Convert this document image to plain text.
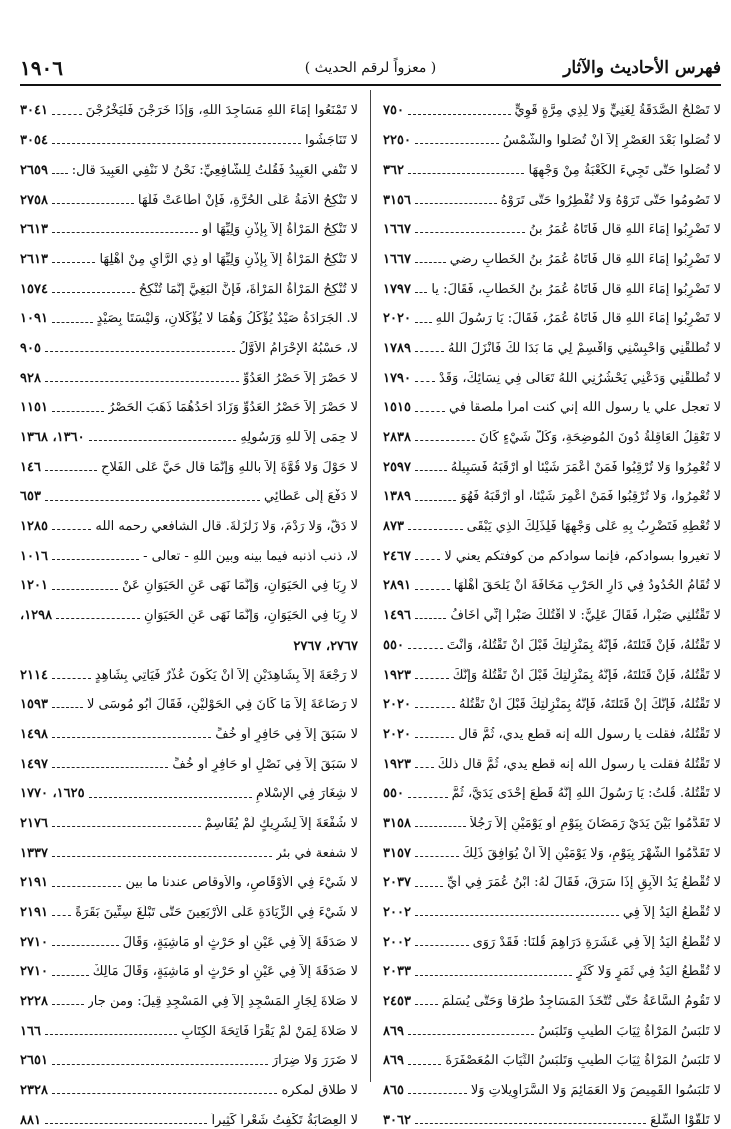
فهرس الأحاديث والآثار
( معزواً لرقم الحديث )
١٩٠٦
لا تَصْلُحُ الصَّدَقَةُ لِغَنِيٍّ وَلا لِذِي مِرَّةٍ قَوِيٍّ
٧٥٠
لا تُصَلُّوا بَعْدَ العَصْرِ إلاَّ أنْ تُصَلُّوا والشَّمْسُ
٢٢٥٠
لا تُصَلُّوا حَتَّى تَجِيءَ الكَعْبَةُ مِنْ وَجْهِهَا
٣٦٢
لا تَصُومُوا حَتَّى تَرَوْهُ وَلا تُفْطِرُوا حَتَّى تَرَوْهُ
٣١٥٦
لا تَضْرِبُوا إمَاءَ اللهِ قال فَأَتَاهُ عُمَرُ بنُ
١٦٦٧
لا تَضْرِبُوا إمَاءَ اللهِ قال فَأَتَاهُ عُمَرُ بنُ الخَطَّابِ رضي
١٦٦٧
لا تَضْرِبُوا إمَاءَ اللهِ قال فَأَتَاهُ عُمَرُ بنُ الخَطَّابِ، فَقَالَ: يا
١٧٩٧
لا تَضْرِبُوا إمَاءَ اللهِ قال فَأَتَاهُ عُمَرُ، فَقَالَ: يَا رَسُولَ اللهِ
٢٠٢٠
لا تُطَلِّقْنِي وَاحْبِسْنِي وَاقْسِمْ لِي مَا بَدَا لَكَ فَأَنْزَلَ اللهُ
١٧٨٩
لا تُطَلِّقْنِي وَدَعْنِي يَحْشُرُنِي اللهُ تَعَالَى فِي نِسَائِكَ، وَقَدْ
١٧٩٠
لا تعجل علي يا رسول الله إني كنت امرأ ملصقاً في
١٥١٥
لا تَعْقِلُ العَاقِلَةُ دُونَ المُوضِحَةِ، وَكُلُّ شَيْءٍ كَانَ
٢٨٣٨
لا تُعْمِرُوا وَلا تُرْقِبُوا فَمَنْ أعْمَرَ شَيْئاً أو أرْقَبَهُ فَسَبِيلُهُ
٢٥٩٧
لا تُعْمِرُوا، وَلا تُرْقِبُوا فَمَنْ أعْمِرَ شَيْئاً، أو أرْقَبَهُ فَهُوَ
١٣٨٩
لا تُعْطِهِ فَتَضْرِبُ بِهِ عَلَى وَجْهِهَا فَلِذَلِكَ الَّذِي يَبْقَى
٨٧٣
لا تغيروا بسوادكم، فإنما سوادكم من كوفتكم يعني لا
٢٤٦٧
لا تُقَامُ الحُدُودُ فِي دَارِ الحَرْبِ مَخَافَةَ أنْ يَلْحَقَ أهْلَهَا
٢٨٩١
لا تَقْتُلْنِي صَبْراً، فَقَالَ عَلِيٌّ: لا أقْتُلُكَ صَبْراً إنِّي أخَافُ
١٤٩٦
لا تَقْتُلْهُ، فَإنْ قَتَلْتَهُ، فَإنَّهُ بِمَنْزِلَتِكَ قَبْلَ أنْ تَقْتُلَهُ، وَأنْتَ
٥٥٠
لا تَقْتُلْهُ، فَإنْ قَتَلْتَهُ، فَإنَّهُ بِمَنْزِلَتِكَ قَبْلَ أنْ تَقْتُلَهُ وَإنَّكَ
١٩٢٣
لا تَقْتُلْهُ، فَإنَّكَ إنْ قَتَلْتَهُ، فَإنَّهُ بِمَنْزِلَتِكَ قَبْلَ أنْ تَقْتُلَهُ
٢٠٢٠
لا تَقْتُلْهُ، فقلت يا رسول الله إنه قطع يدي، ثُمَّ قال
٢٠٢٠
لا تَقْتُلْهُ فقلت يا رسول الله إنه قطع يدي، ثُمَّ قال ذلكَ
١٩٢٣
لا تَقْتُلْهُ. قُلْتُ: يَا رَسُولَ اللهِ إنَّهُ قَطَعَ إحْدَى يَدَيَّ، ثُمَّ
٥٥٠
لا تَقَدَّمُوا بَيْنَ يَدَيْ رَمَضَانَ بِيَوْمٍ أو يَوْمَيْنِ إلاَّ رَجُلاً
٣١٥٨
لا تَقَدَّمُوا الشَّهْرَ بِيَوْمٍ، وَلا يَوْمَيْنِ إلاَّ أنْ يُوَافِقَ ذَلِكَ
٣١٥٧
لا تُقْطَعُ يَدُ الآبِقِ إذَا سَرَقَ، فَقَالَ لَهُ: ابْنُ عُمَرَ فِي أيِّ
٢٠٣٧
لا تُقْطَعُ اليَدُ إلاَّ فِي
٢٠٠٢
لا تُقْطَعُ اليَدُ إلاَّ فِي عَشَرَةِ دَرَاهِمَ قُلْنَا: فَقَدْ رَوَى
٢٠٠٢
لا تُقْطَعُ اليَدُ فِي ثَمَرٍ وَلا كَثَرٍ
٢٠٣٣
لا تَقُومُ السَّاعَةُ حَتَّى تُتَّخَذَ المَسَاجِدُ طُرُقاً وَحَتَّى يُسَلِّمَ
٢٤٥٣
لا تَلْبَسُ المَرْأَةُ ثِيَابَ الطِّيبِ وَتَلْبَسُ
٨٦٩
لا تَلْبَسُ المَرْأَةُ ثِيَابَ الطِّيبِ وَتَلْبَسُ الثِّيَابَ المُعَصْفَرَةَ
٨٦٩
لا تَلْبَسُوا القَمِيصَ وَلا العَمَائِمَ وَلا السَّرَاوِيلاتِ وَلا
٨٦٥
لا تَلَقَّوْا السِّلَعَ
٣٠٦٢
لا تَمْنَعُوا إمَاءَ اللهِ مَسَاجِدَ اللهِ، وَإذَا خَرَجْنَ فَلْيَخْرُجْنَ
٣٠٤١
لا تَنَاجَشُوا
٣٠٥٤
لا تَنْفي العَبِيدُ فَقُلْتُ لِلشَّافِعِيِّ: نَحْنُ لا نَنْفِي العَبِيدَ قال:
٢٦٥٩
لا تَنْكِحُ الأَمَةُ عَلَى الحُرَّةِ، فَإنْ أطَاعَتْ فَلَهَا
٢٧٥٨
لا تَنْكِحُ المَرْأَةُ إلاَّ بِإذْنِ وَلِيِّهَا أو
٢٦١٣
لا تَنْكِحُ المَرْأَةُ إلاَّ بِإذْنِ وَلِيِّهَا أو ذِي الرَّأْيِ مِنْ أهْلِهَا
٢٦١٣
لا تُنْكِحُ المَرْأَةُ المَرْأَةَ، فَإنَّ البَغِيَّ إنَّمَا تُنْكِحُ
١٥٧٤
لا. الجَرَادَةُ صَيْدٌ يُؤْكَلُ وَهُمَا لا يُؤْكَلانِ، وَلَيْسَتَا بِصَيْدٍ
١٠٩١
لا، حَسْبُهُ الإحْرَامُ الأَوَّلُ
٩٠٥
لا حَصْرَ إلاَّ حَصْرُ العَدُوِّ
٩٢٨
لا حَصْرَ إلاَّ حَصْرُ العَدُوِّ وَزَادَ أحَدُهُمَا ذَهَبَ الحَصْرُ
١١٥١
لا حِمَى إلاَّ للهِ وَرَسُولِهِ
١٣٦٠، ١٣٦٨
لا حَوْلَ وَلا قُوَّةَ إلاَّ باللهِ وَإنَّمَا قال حَيَّ عَلَى الفَلاحِ
١٤٦
لا دَفْعَ إلَى عَطَائِي
٦٥٣
لا دَقَّ، وَلا رَدْمَ، وَلا زَلْزَلَةَ. قال الشافعي رحمه الله
١٢٨٥
لا، ذنب أذنبه فيما بينه وبين اللهِ - تعالى -
١٠١٦
لا رِبَا فِي الحَيَوَانِ، وَإنَّمَا نَهَى عَنِ الحَيَوَانِ عَنْ
١٢٠١
لا رِبَا فِي الحَيَوَانِ، وَإنَّمَا نَهَى عَنِ الحَيَوَانِ
١٢٩٨،
٢٧٦٧، ٢٧٦٧
لا رَجْعَةَ إلاَّ بِشَاهِدَيْنِ إلاَّ أنْ يَكُونَ عُذْرٌ فَيَأْتِي بِشَاهِدٍ
٢١١٤
لا رَضَاعَةَ إلاَّ مَا كَانَ فِي الحَوْلَيْنِ، فَقَالَ أبُو مُوسَى لا
١٥٩٣
لا سَبَقَ إلاَّ فِي حَافِرٍ أو خُفٍّ
١٤٩٨
لا سَبَقَ إلاَّ فِي نَصْلٍ أو حَافِرٍ أو خُفٍّ
١٤٩٧
لا شِغَارَ فِي الإسْلامِ
١٦٢٥، ١٧٧٠
لا شُفْعَةَ إلاَّ لِشَرِيكٍ لَمْ يُقَاسِمْ
٢١٧٦
لا شفعة في بئر
١٣٣٧
لا شَيْءَ فِي الأوْقَاصِ، والأوقاص عندنا ما بين
٢١٩١
لا شَيْءَ فِي الزِّيَادَةِ عَلَى الأرْبَعِينَ حَتَّى تَبْلُغَ سِتِّينَ بَقَرَةً
٢١٩١
لا صَدَقَةَ إلاَّ فِي عَيْنٍ أو حَرْثٍ أو مَاشِيَةٍ، وَقَالَ
٢٧١٠
لا صَدَقَةَ إلاَّ فِي عَيْنٍ أو حَرْثٍ أو مَاشِيَةٍ، وَقَالَ مَالِكٌ
٢٧١٠
لا صَلاةَ لِجَارِ المَسْجِدِ إلاَّ فِي المَسْجِدِ قِيلَ: ومن جار
٢٢٢٨
لا صَلاةَ لِمَنْ لَمْ يَقْرَأْ فَاتِحَةَ الكِتَابِ
١٦٦
لا ضَرَرَ وَلا ضِرَارَ
٢٦٥١
لا طلاق لمكره
٢٣٢٨
لا العِصَابَةُ تَكْفِتُ شَعْراً كَثِيراً
٨٨١
